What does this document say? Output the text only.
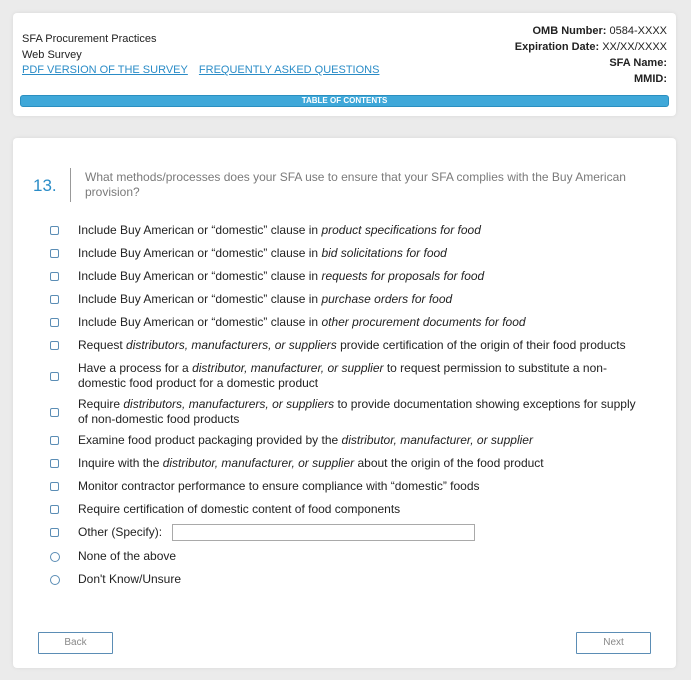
SFA Procurement Practices
Web Survey
PDF VERSION OF THE SURVEY FREQUENTLY ASKED QUESTIONS
OMB Number: 0584-XXXX
Expiration Date: XX/XX/XXXX
SFA Name:
MMID:
TABLE OF CONTENTS
13. What methods/processes does your SFA use to ensure that your SFA complies with the Buy American provision?
Include Buy American or “domestic” clause in product specifications for food
Include Buy American or “domestic” clause in bid solicitations for food
Include Buy American or “domestic” clause in requests for proposals for food
Include Buy American or “domestic” clause in purchase orders for food
Include Buy American or “domestic” clause in other procurement documents for food
Request distributors, manufacturers, or suppliers provide certification of the origin of their food products
Have a process for a distributor, manufacturer, or supplier to request permission to substitute a non-domestic food product for a domestic product
Require distributors, manufacturers, or suppliers to provide documentation showing exceptions for supply of non-domestic food products
Examine food product packaging provided by the distributor, manufacturer, or supplier
Inquire with the distributor, manufacturer, or supplier about the origin of the food product
Monitor contractor performance to ensure compliance with “domestic” foods
Require certification of domestic content of food components
Other (Specify):
None of the above
Don't Know/Unsure
Back	Next
